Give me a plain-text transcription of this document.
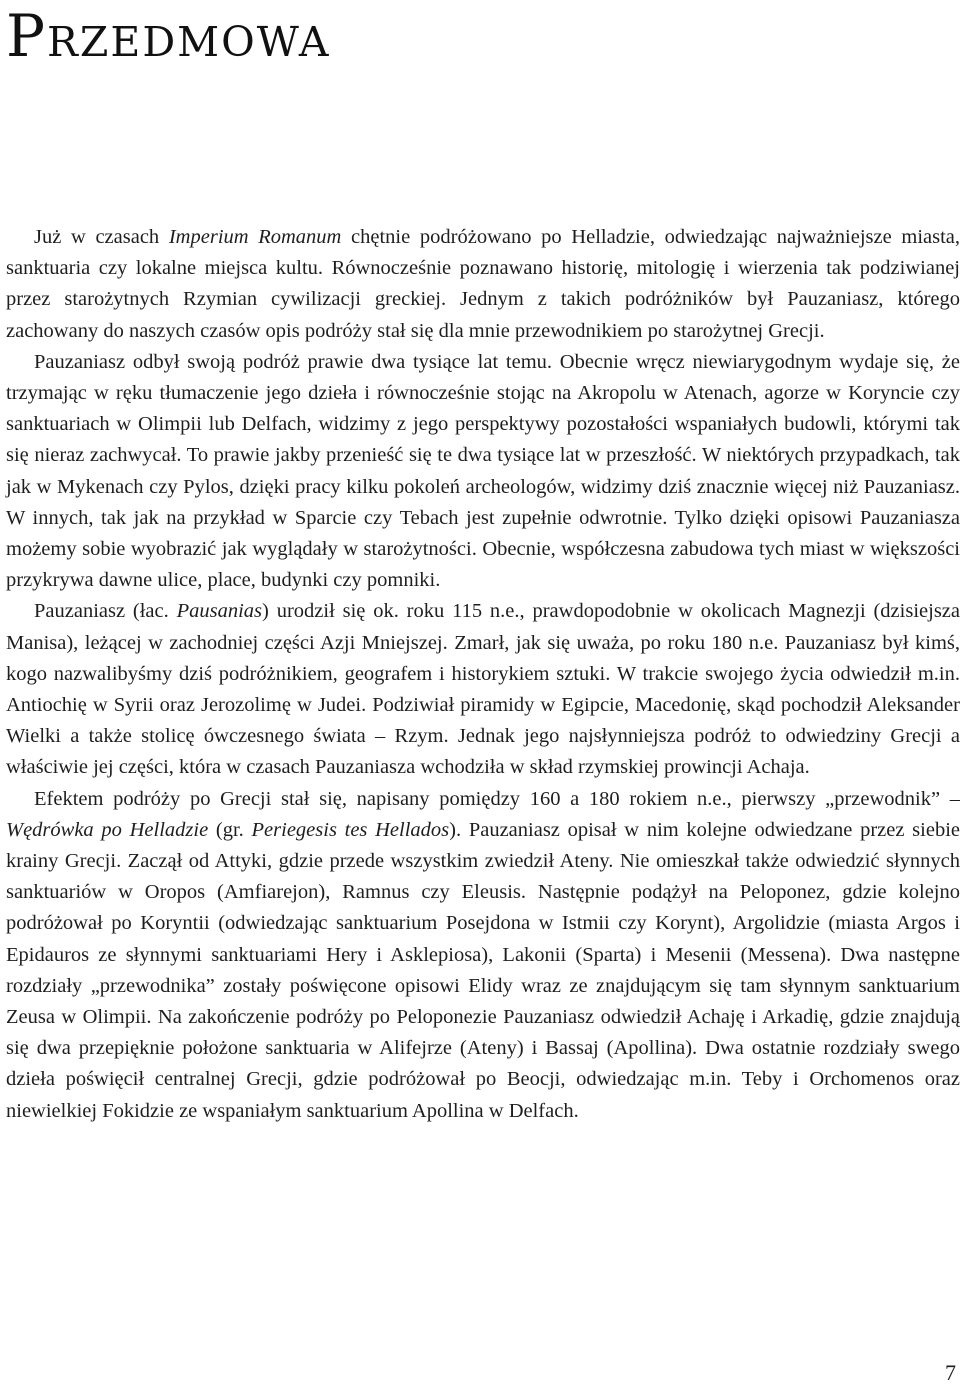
Przedmowa

Już w czasach Imperium Romanum chętnie podróżowano po Helladzie, odwiedzając najważniejsze miasta, sanktuaria czy lokalne miejsca kultu. Równocześnie poznawano historię, mitologię i wierzenia tak podziwianej przez starożytnych Rzymian cywilizacji greckiej. Jednym z takich podróżników był Pauzaniasz, którego zachowany do naszych czasów opis podróży stał się dla mnie przewodnikiem po starożytnej Grecji.

Pauzaniasz odbył swoją podróż prawie dwa tysiące lat temu. Obecnie wręcz niewiarygodnym wydaje się, że trzymając w ręku tłumaczenie jego dzieła i równocześnie stojąc na Akropolu w Atenach, agorze w Koryncie czy sanktuariach w Olimpii lub Delfach, widzimy z jego perspektywy pozostałości wspaniałych budowli, którymi tak się nieraz zachwycał. To prawie jakby przenieść się te dwa tysiące lat w przeszłość. W niektórych przypadkach, tak jak w Mykenach czy Pylos, dzięki pracy kilku pokoleń archeologów, widzimy dziś znacznie więcej niż Pauzaniasz. W innych, tak jak na przykład w Sparcie czy Tebach jest zupełnie odwrotnie. Tylko dzięki opisowi Pauzaniasza możemy sobie wyobrazić jak wyglądały w starożytności. Obecnie, współczesna zabudowa tych miast w większości przykrywa dawne ulice, place, budynki czy pomniki.

Pauzaniasz (łac. Pausanias) urodził się ok. roku 115 n.e., prawdopodobnie w okolicach Magnezji (dzisiejsza Manisa), leżącej w zachodniej części Azji Mniejszej. Zmarł, jak się uważa, po roku 180 n.e. Pauzaniasz był kimś, kogo nazwalibyśmy dziś podróżnikiem, geografem i historykiem sztuki. W trakcie swojego życia odwiedził m.in. Antiochię w Syrii oraz Jerozolimę w Judei. Podziwiał piramidy w Egipcie, Macedonię, skąd pochodził Aleksander Wielki a także stolicę ówczesnego świata – Rzym. Jednak jego najsłynniejsza podróż to odwiedziny Grecji a właściwie jej części, która w czasach Pauzaniasza wchodziła w skład rzymskiej prowincji Achaja.

Efektem podróży po Grecji stał się, napisany pomiędzy 160 a 180 rokiem n.e., pierwszy „przewodnik” – Wędrówka po Helladzie (gr. Periegesis tes Hellados). Pauzaniasz opisał w nim kolejne odwiedzane przez siebie krainy Grecji. Zaczął od Attyki, gdzie przede wszystkim zwiedził Ateny. Nie omieszkał także odwiedzić słynnych sanktuariów w Oropos (Amfiarejon), Ramnus czy Eleusis. Następnie podążył na Peloponez, gdzie kolejno podróżował po Koryntii (odwiedzając sanktuarium Posejdona w Istmii czy Korynt), Argolidzie (miasta Argos i Epidauros ze słynnymi sanktuariami Hery i Asklepiosa), Lakonii (Sparta) i Mesenii (Messena). Dwa następne rozdziały „przewodnika” zostały poświęcone opisowi Elidy wraz ze znajdującym się tam słynnym sanktuarium Zeusa w Olimpii. Na zakończenie podróży po Peloponezie Pauzaniasz odwiedził Achaję i Arkadię, gdzie znajdują się dwa przepięknie położone sanktuaria w Alifejrze (Ateny) i Bassaj (Apollina). Dwa ostatnie rozdziały swego dzieła poświęcił centralnej Grecji, gdzie podróżował po Beocji, odwiedzając m.in. Teby i Orchomenos oraz niewielkiej Fokidzie ze wspaniałym sanktuarium Apollina w Delfach.

7
